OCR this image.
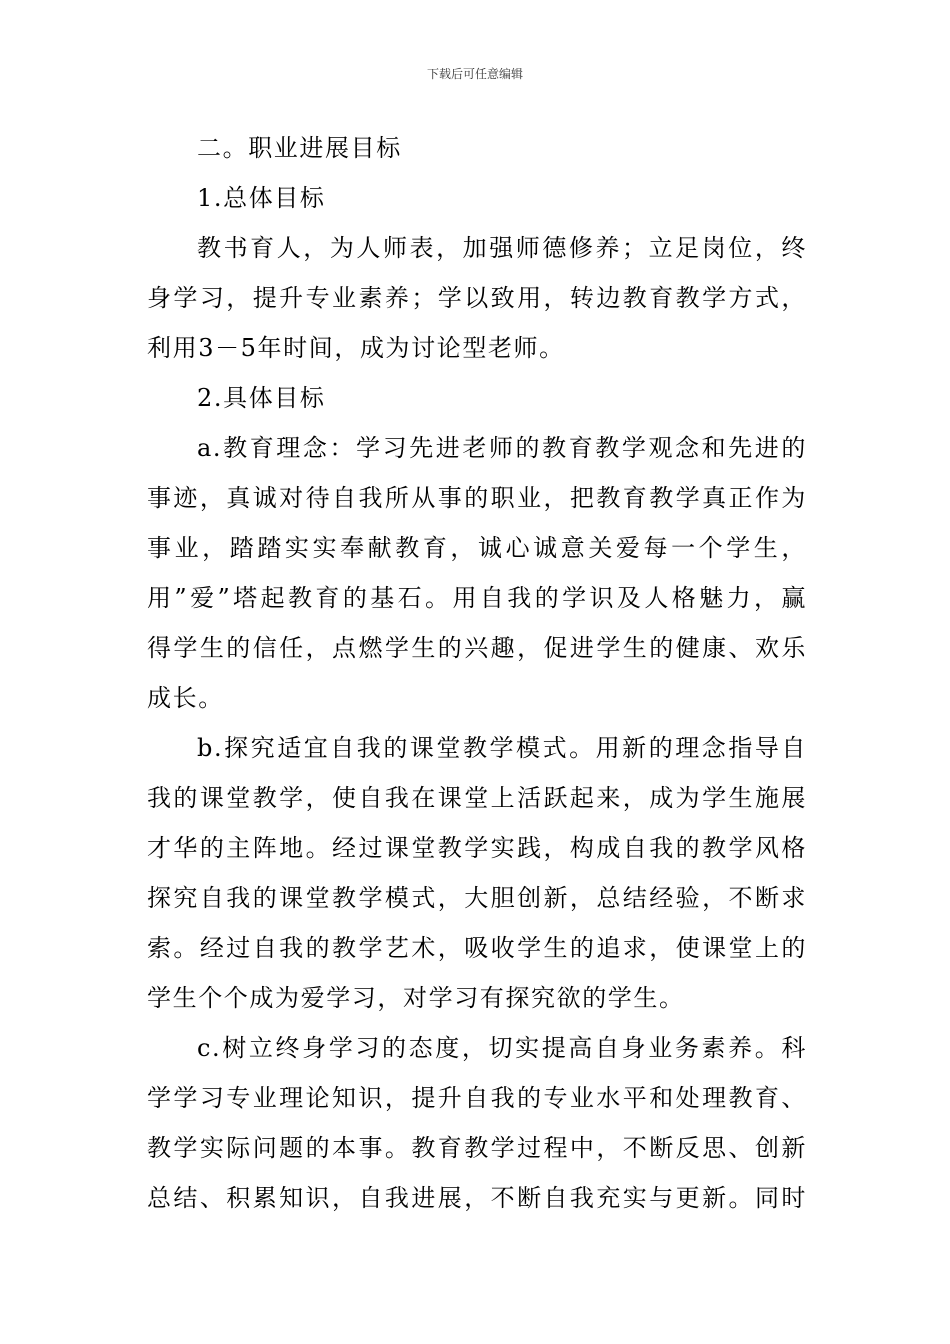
下载后可任意编辑
二。职业进展目标
1.总体目标
教书育人，为人师表，加强师德修养；立足岗位，终
身学习，提升专业素养；学以致用，转边教育教学方式，
利用3－5年时间，成为讨论型老师。
2.具体目标
a.教育理念：学习先进老师的教育教学观念和先进的
事迹，真诚对待自我所从事的职业，把教育教学真正作为
事业，踏踏实实奉献教育，诚心诚意关爱每一个学生，
用”爱”塔起教育的基石。用自我的学识及人格魅力，赢
得学生的信任，点燃学生的兴趣，促进学生的健康、欢乐
成长。
b.探究适宜自我的课堂教学模式。用新的理念指导自
我的课堂教学，使自我在课堂上活跃起来，成为学生施展
才华的主阵地。经过课堂教学实践，构成自我的教学风格
探究自我的课堂教学模式，大胆创新，总结经验，不断求
索。经过自我的教学艺术，吸收学生的追求，使课堂上的
学生个个成为爱学习，对学习有探究欲的学生。
c.树立终身学习的态度，切实提高自身业务素养。科
学学习专业理论知识，提升自我的专业水平和处理教育、
教学实际问题的本事。教育教学过程中，不断反思、创新
总结、积累知识，自我进展，不断自我充实与更新。同时
